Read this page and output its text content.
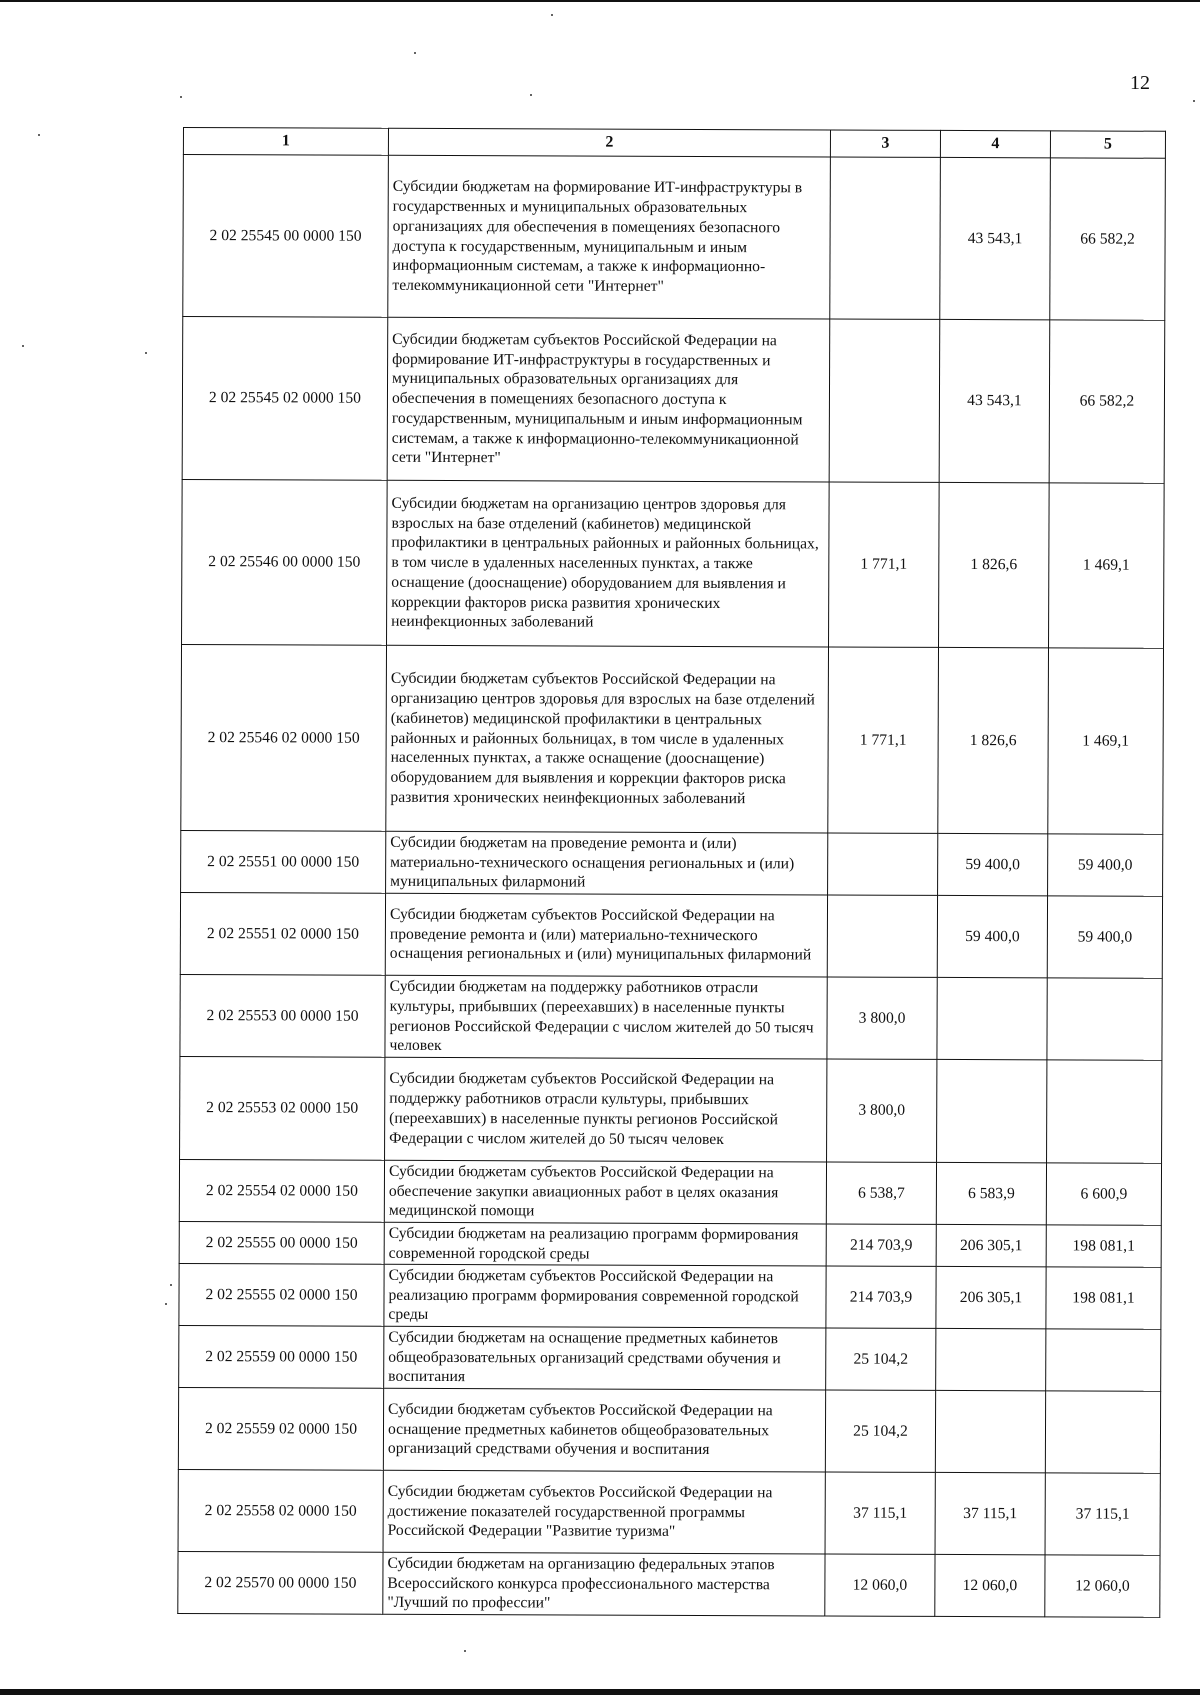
12
1	2	3	4	5
2 02 25545 00 0000 150	Субсидии бюджетам на формирование ИТ-инфраструктуры в государственных и муниципальных образовательных организациях для обеспечения в помещениях безопасного доступа к государственным, муниципальным и иным информационным системам, а также к информационно-телекоммуникационной сети "Интернет"		43 543,1	66 582,2
2 02 25545 02 0000 150	Субсидии бюджетам субъектов Российской Федерации на формирование ИТ-инфраструктуры в государственных и муниципальных образовательных организациях для обеспечения в помещениях безопасного доступа к государственным, муниципальным и иным информационным системам, а также к информационно-телекоммуникационной сети "Интернет"		43 543,1	66 582,2
2 02 25546 00 0000 150	Субсидии бюджетам на организацию центров здоровья для взрослых на базе отделений (кабинетов) медицинской профилактики в центральных районных и районных больницах, в том числе в удаленных населенных пунктах, а также оснащение (дооснащение) оборудованием для выявления и коррекции факторов риска развития хронических неинфекционных заболеваний	1 771,1	1 826,6	1 469,1
2 02 25546 02 0000 150	Субсидии бюджетам субъектов Российской Федерации на организацию центров здоровья для взрослых на базе отделений (кабинетов) медицинской профилактики в центральных районных и районных больницах, в том числе в удаленных населенных пунктах, а также оснащение (дооснащение) оборудованием для выявления и коррекции факторов риска развития хронических неинфекционных заболеваний	1 771,1	1 826,6	1 469,1
2 02 25551 00 0000 150	Субсидии бюджетам на проведение ремонта и (или) материально-технического оснащения региональных и (или) муниципальных филармоний		59 400,0	59 400,0
2 02 25551 02 0000 150	Субсидии бюджетам субъектов Российской Федерации на проведение ремонта и (или) материально-технического оснащения региональных и (или) муниципальных филармоний		59 400,0	59 400,0
2 02 25553 00 0000 150	Субсидии бюджетам на поддержку работников отрасли культуры, прибывших (переехавших) в населенные пункты регионов Российской Федерации с числом жителей до 50 тысяч человек	3 800,0		
2 02 25553 02 0000 150	Субсидии бюджетам субъектов Российской Федерации на поддержку работников отрасли культуры, прибывших (переехавших) в населенные пункты регионов Российской Федерации с числом жителей до 50 тысяч человек	3 800,0		
2 02 25554 02 0000 150	Субсидии бюджетам субъектов Российской Федерации на обеспечение закупки авиационных работ в целях оказания медицинской помощи	6 538,7	6 583,9	6 600,9
2 02 25555 00 0000 150	Субсидии бюджетам на реализацию программ формирования современной городской среды	214 703,9	206 305,1	198 081,1
2 02 25555 02 0000 150	Субсидии бюджетам субъектов Российской Федерации на реализацию программ формирования современной городской среды	214 703,9	206 305,1	198 081,1
2 02 25559 00 0000 150	Субсидии бюджетам на оснащение предметных кабинетов общеобразовательных организаций средствами обучения и воспитания	25 104,2		
2 02 25559 02 0000 150	Субсидии бюджетам субъектов Российской Федерации на оснащение предметных кабинетов общеобразовательных организаций средствами обучения и воспитания	25 104,2		
2 02 25558 02 0000 150	Субсидии бюджетам субъектов Российской Федерации на достижение показателей государственной программы Российской Федерации "Развитие туризма"	37 115,1	37 115,1	37 115,1
2 02 25570 00 0000 150	Субсидии бюджетам на организацию федеральных этапов Всероссийского конкурса профессионального мастерства "Лучший по профессии"	12 060,0	12 060,0	12 060,0
